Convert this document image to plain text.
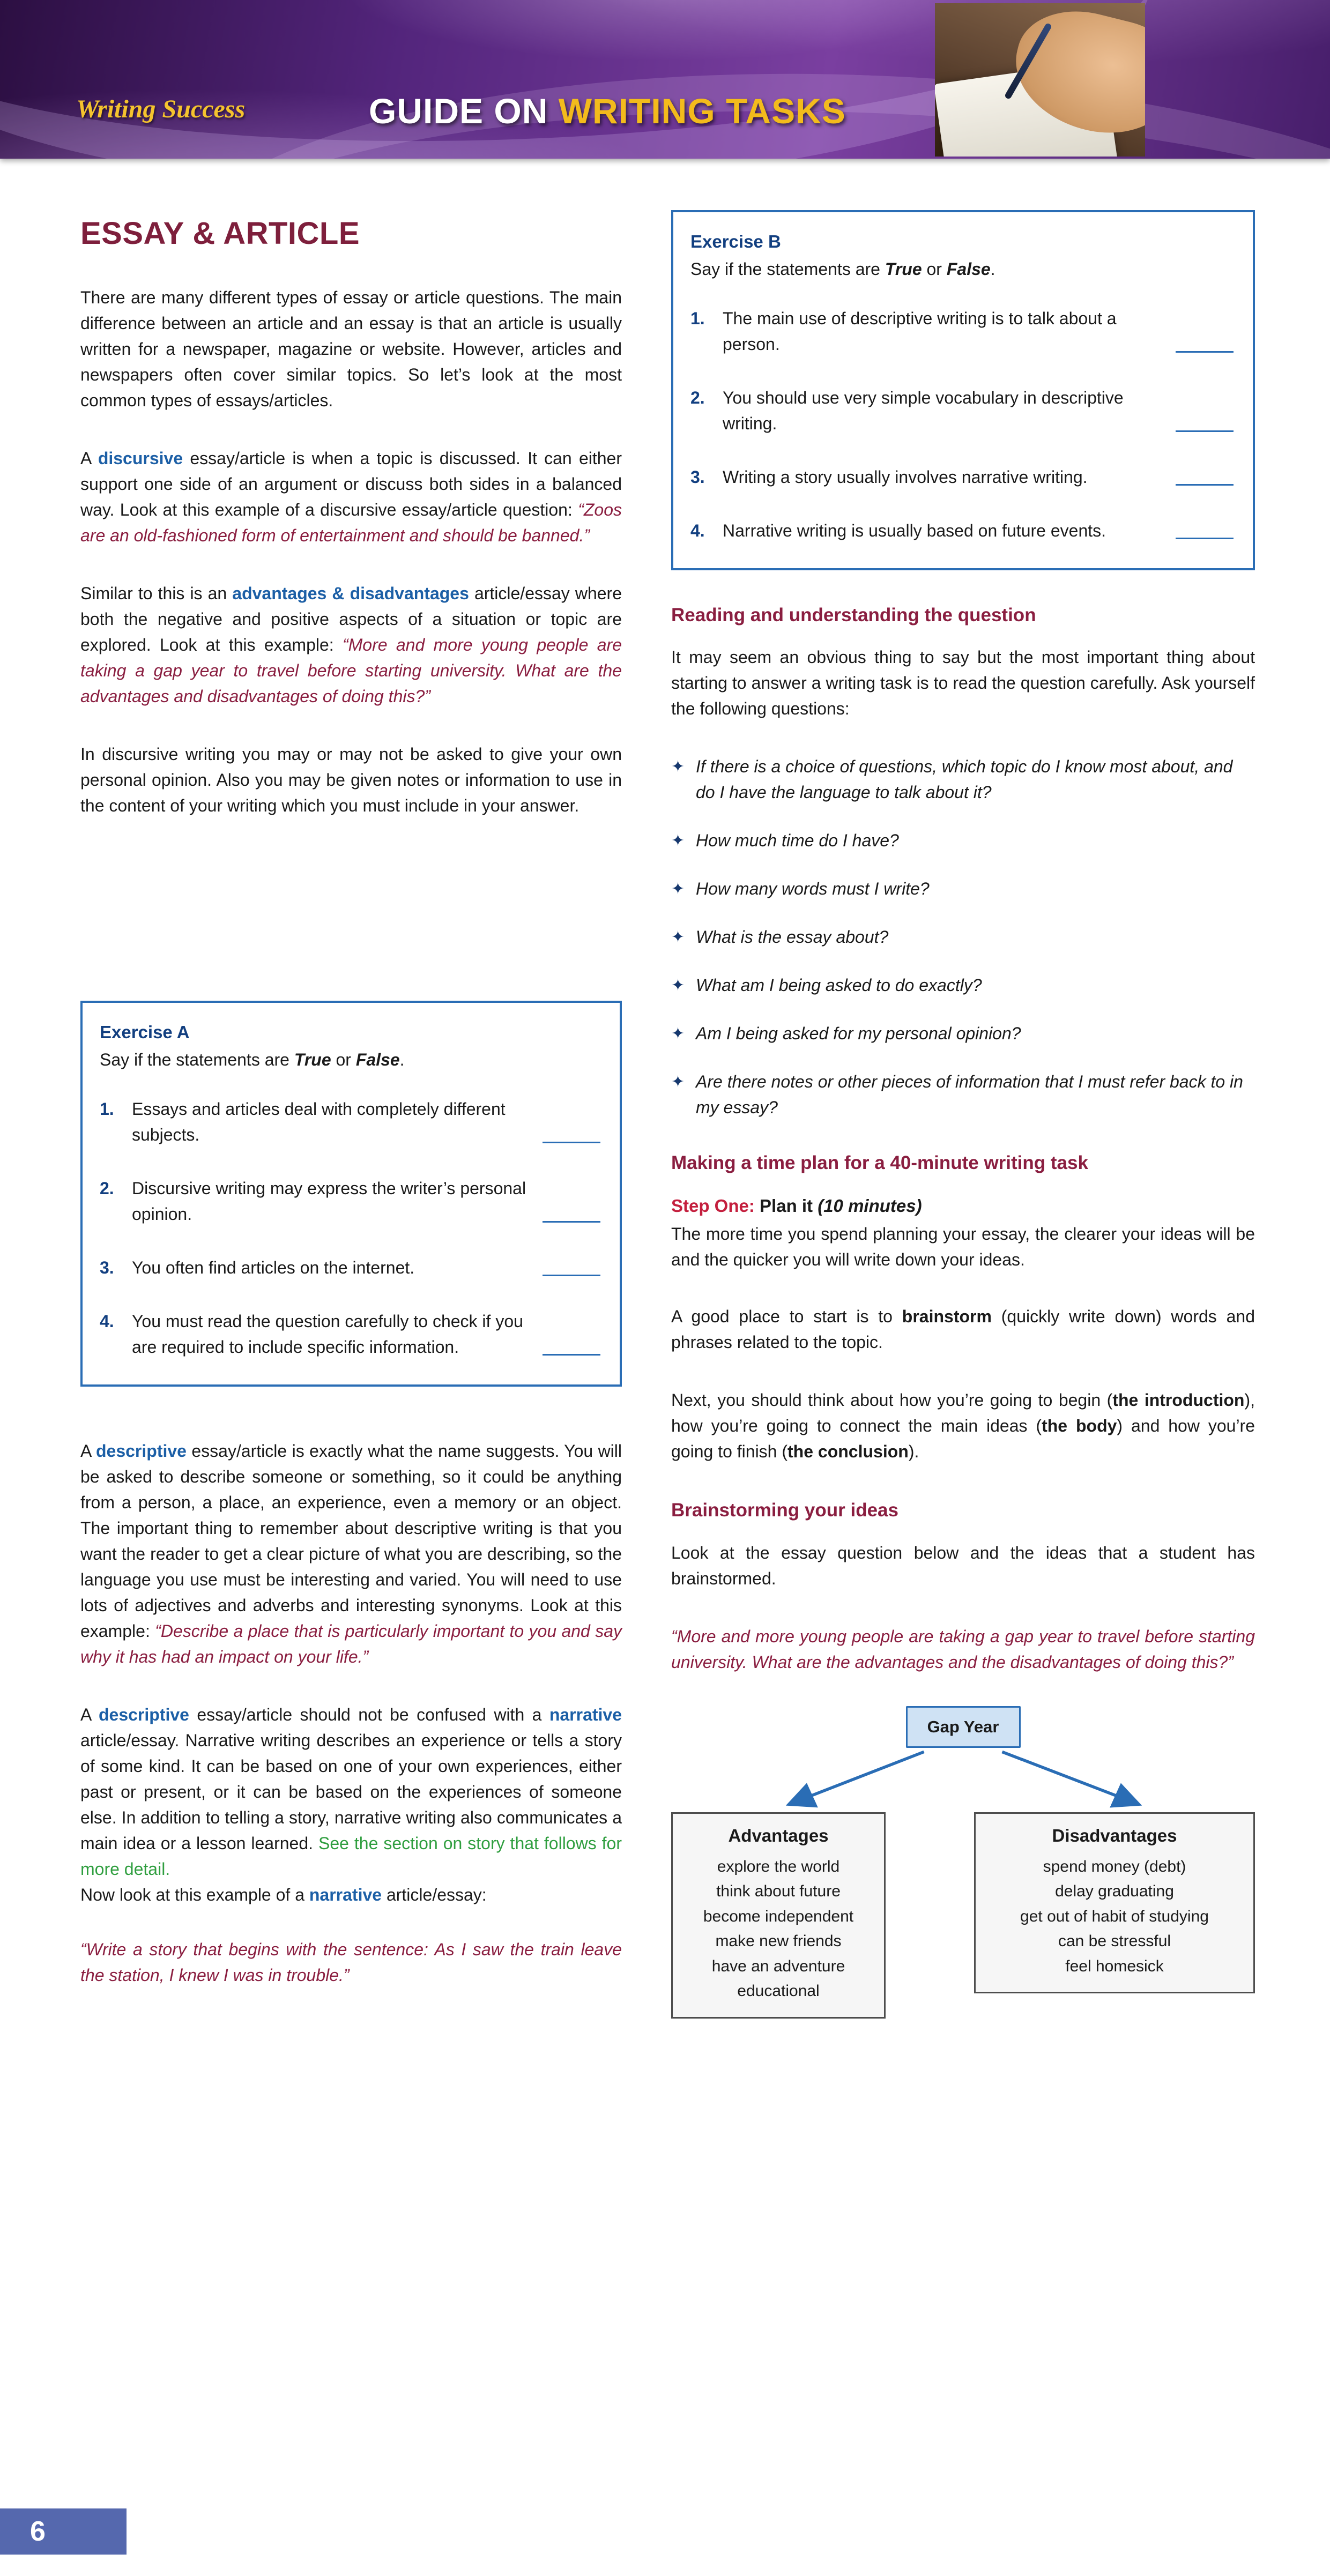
Writing Success	GUIDE ON WRITING TASKS
ESSAY & ARTICLE

There are many different types of essay or article questions. The main difference between an article and an essay is that an article is usually written for a newspaper, magazine or website. However, articles and newspapers often cover similar topics. So let’s look at the most common types of essays/articles.

A discursive essay/article is when a topic is discussed. It can either support one side of an argument or discuss both sides in a balanced way. Look at this example of a discursive essay/article question: “Zoos are an old-fashioned form of entertainment and should be banned.”

Similar to this is an advantages & disadvantages article/essay where both the negative and positive aspects of a situation or topic are explored. Look at this example: “More and more young people are taking a gap year to travel before starting university. What are the advantages and disadvantages of doing this?”

In discursive writing you may or may not be asked to give your own personal opinion. Also you may be given notes or information to use in the content of your writing which you must include in your answer.

Exercise A

Say if the statements are True or False.

1.	Essays and articles deal with completely different subjects.
2.	Discursive writing may express the writer’s personal opinion.
3.	You often find articles on the internet.
4.	You must read the question carefully to check if you are required to include specific information.

A descriptive essay/article is exactly what the name suggests. You will be asked to describe someone or something, so it could be anything from a person, a place, an experience, even a memory or an object. The important thing to remember about descriptive writing is that you want the reader to get a clear picture of what you are describing, so the language you use must be interesting and varied. You will need to use lots of adjectives and adverbs and interesting synonyms. Look at this example: “Describe a place that is particularly important to you and say why it has had an impact on your life.”

A descriptive essay/article should not be confused with a narrative article/essay. Narrative writing describes an experience or tells a story of some kind. It can be based on one of your own experiences, either past or present, or it can be based on the experiences of someone else. In addition to telling a story, narrative writing also communicates a main idea or a lesson learned. See the section on story that follows for more detail.

Now look at this example of a narrative article/essay:

“Write a story that begins with the sentence: As I saw the train leave the station, I knew I was in trouble.”

Exercise B

Say if the statements are True or False.

1.	The main use of descriptive writing is to talk about a person.
2.	You should use very simple vocabulary in descriptive writing.
3.	Writing a story usually involves narrative writing.
4.	Narrative writing is usually based on future events.
Reading and understanding the question

It may seem an obvious thing to say but the most important thing about starting to answer a writing task is to read the question carefully. Ask yourself the following questions:

✦ If there is a choice of questions, which topic do I know most about, and do I have the language to talk about it?
✦ How much time do I have?
✦ How many words must I write?
✦ What is the essay about?
✦ What am I being asked to do exactly?
✦ Am I being asked for my personal opinion?
✦ Are there notes or other pieces of information that I must refer back to in my essay?
Making a time plan for a 40-minute writing task

Step One: Plan it (10 minutes)

The more time you spend planning your essay, the clearer your ideas will be and the quicker you will write down your ideas.

A good place to start is to brainstorm (quickly write down) words and phrases related to the topic.

Next, you should think about how you’re going to begin (the introduction), how you’re going to connect the main ideas (the body) and how you’re going to finish (the conclusion).

Brainstorming your ideas

Look at the essay question below and the ideas that a student has brainstormed.

“More and more young people are taking a gap year to travel before starting university. What are the advantages and the disadvantages of doing this?”

Gap Year
Advantages
explore the world
think about future
become independent
make new friends
have an adventure
educational
Disadvantages
spend money (debt)
delay graduating
get out of habit of studying
can be stressful
feel homesick
6
